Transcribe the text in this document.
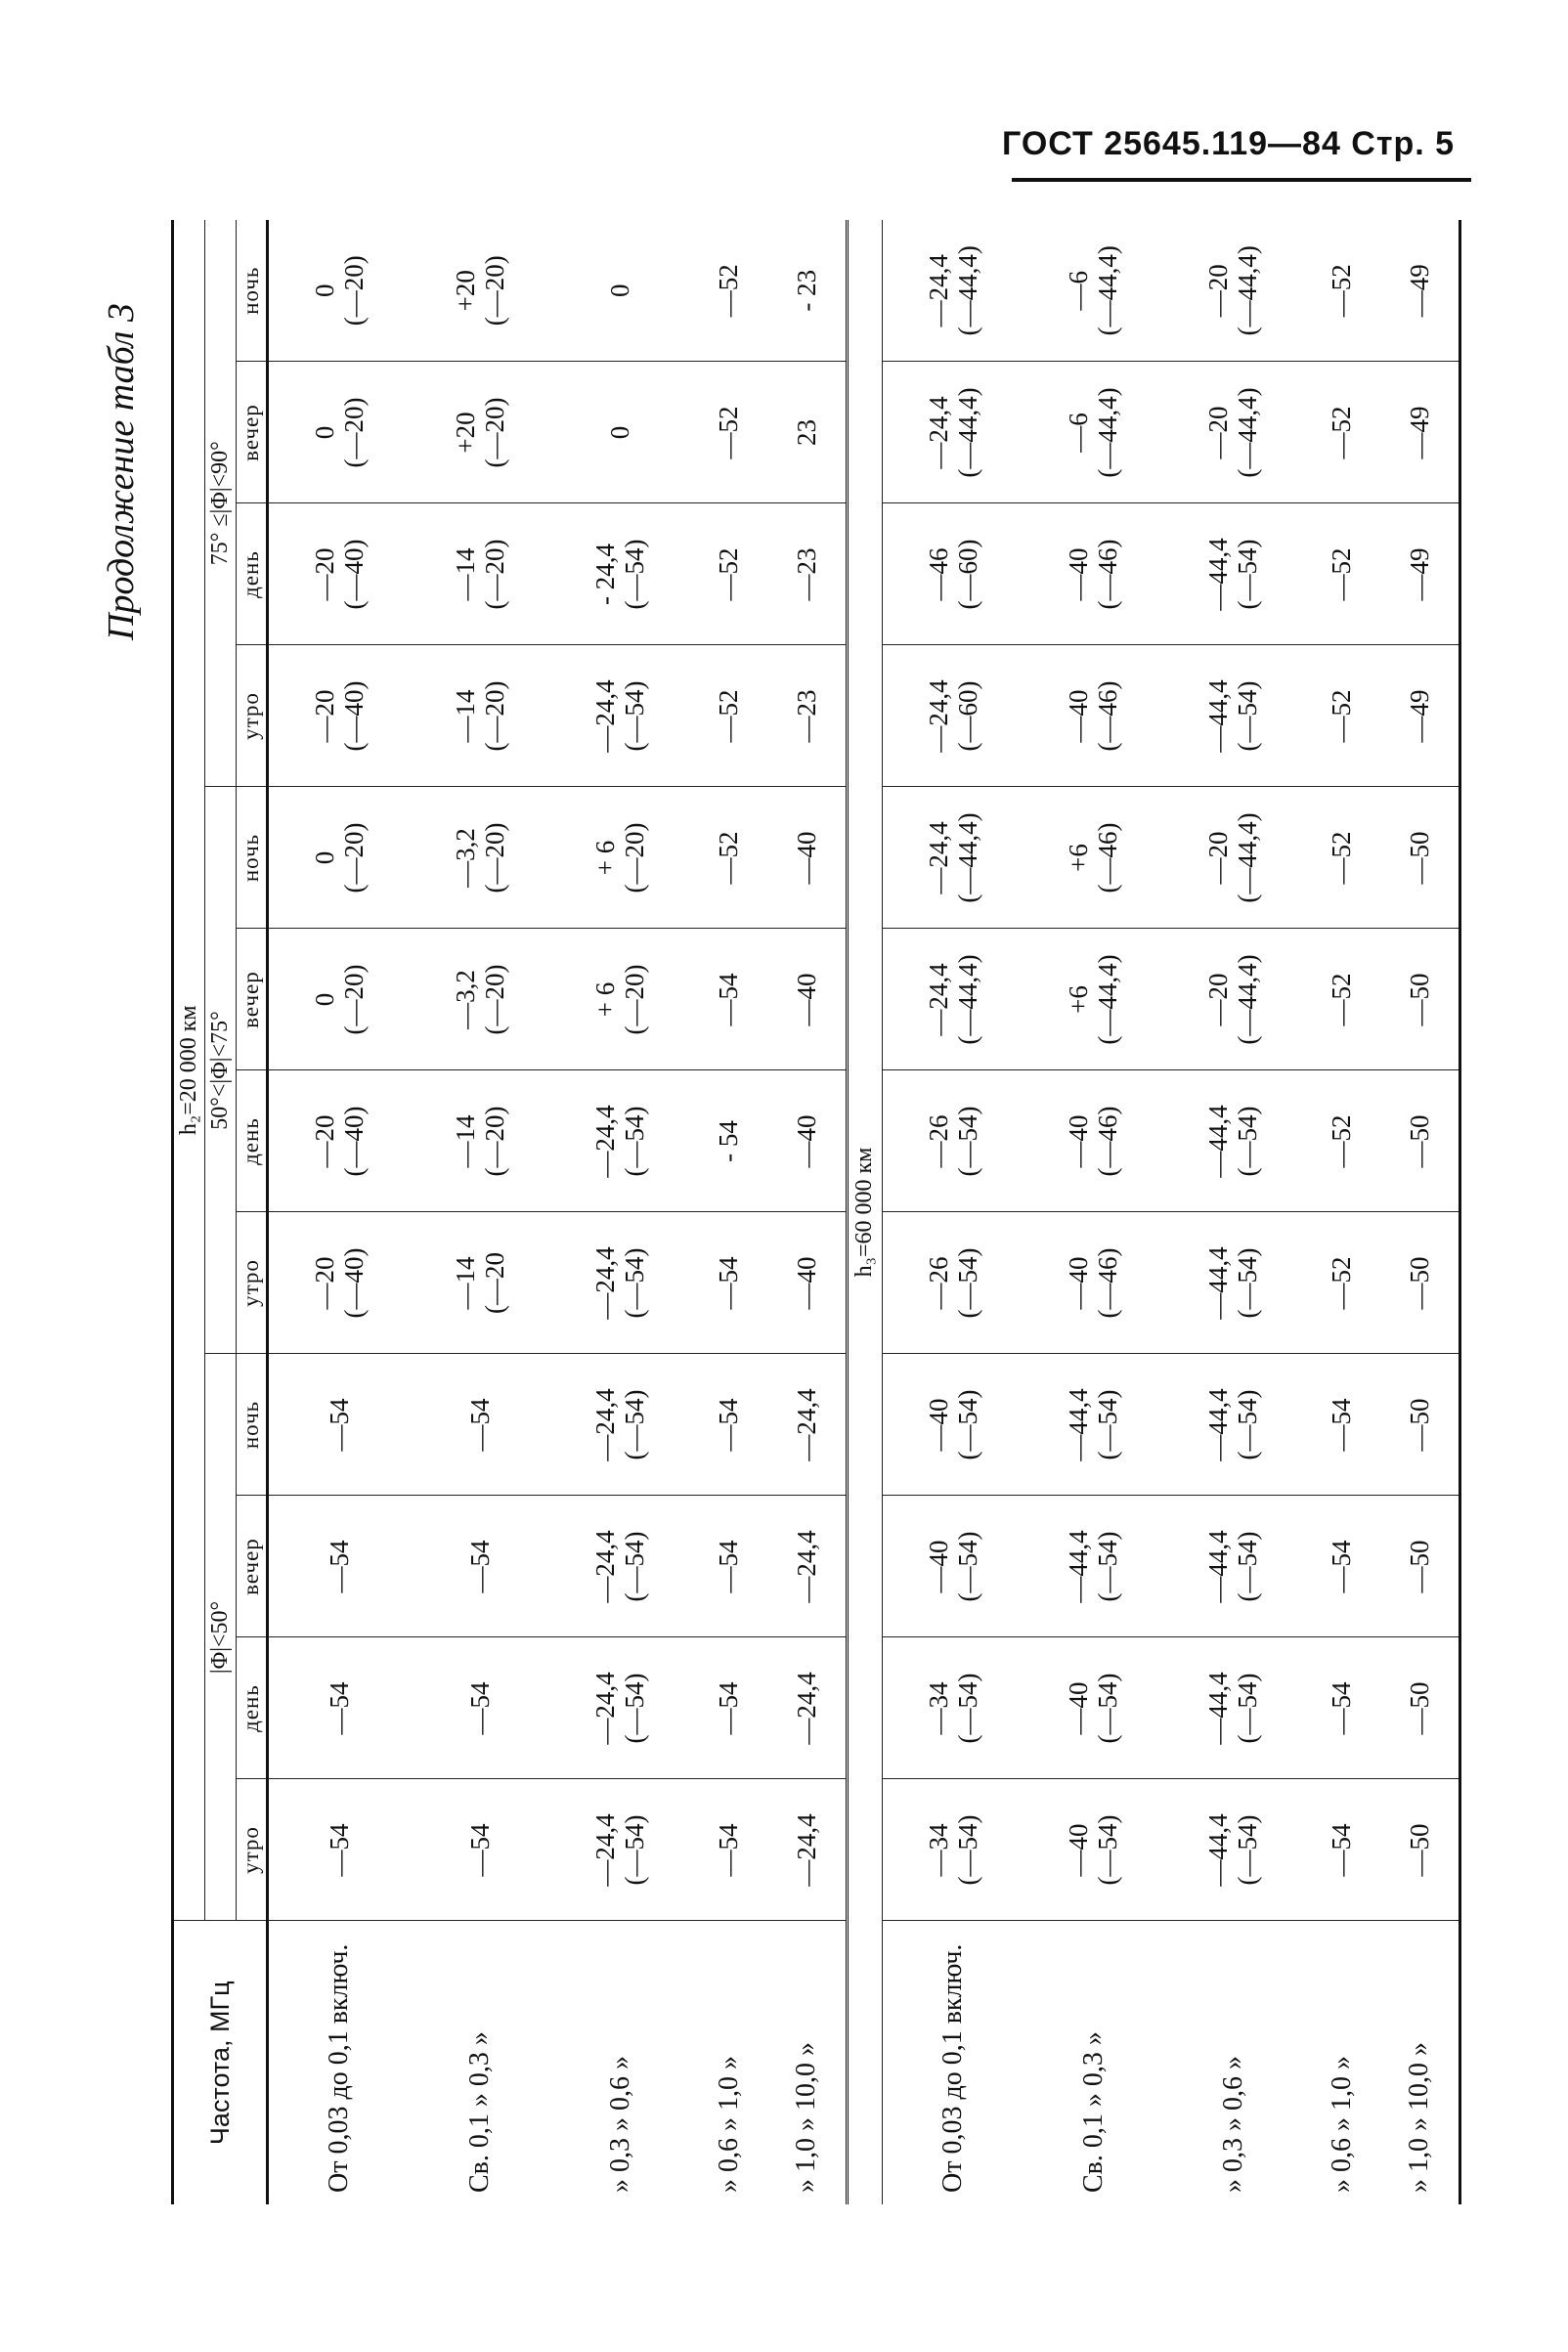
ГОСТ 25645.119—84 Стр. 5
Продолжение табл 3
Частота, МГц	h₂=20 000 км											
	|Φ|<50°				50°<|Φ|<75°				75° ≤|Φ|<90°			
	утро	день	вечер	ночь	утро	день	вечер	ночь	утро	день	вечер	ночь
От 0,03 до 0,1 включ.	—54	—54	—54	—54	—20 (—40)	—20 (—40)	0 (—20)	0 (—20)	—20 (—40)	—20 (—40)	0 (—20)	0 (—20)

Св. 0,1 » 0,3 »	—54	—54	—54	—54	—14 (—20	—14 (—20)	—3,2 (—20)	—3,2 (—20)	—14 (—20)	—14 (—20)	+20 (—20)	+20 (—20)

» 0,3 » 0,6 »	—24,4 (—54)	—24,4 (—54)	—24,4 (—54)	—24,4 (—54)	—24,4 (—54)	—24,4 (—54)	+ 6 (—20)	+ 6 (—20)	—24,4 (—54)	- 24,4 (—54)	0	0

» 0,6 » 1,0 »	—54	—54	—54	—54	—54	- 54	—54	—52	—52	—52	—52	—52

» 1,0 » 10,0 »	—24,4	—24,4	—24,4	—24,4	—40	—40	—40	—40	—23	—23	23	- 23

h₃=60 000 км												
От 0,03 до 0,1 включ.	—34 (—54)	—34 (—54)	—40 (—54)	—40 (—54)	—26 (—54)	—26 (—54)	—24,4 (—44,4)	—24,4 (—44,4)	—24,4 (—60)	—46 (—60)	—24,4 (—44,4)	—24,4 (—44,4)

Св. 0,1 » 0,3 »	—40 (—54)	—40 (—54)	—44,4 (—54)	—44,4 (—54)	—40 (—46)	—40 (—46)	+6 (—44,4)	+6 (—46)	—40 (—46)	—40 (—46)	—6 (—44,4)	—6 (—44,4)

» 0,3 » 0,6 »	—44,4 (—54)	—44,4 (—54)	—44,4 (—54)	—44,4 (—54)	—44,4 (—54)	—44,4 (—54)	—20 (—44,4)	—20 (—44,4)	—44,4 (—54)	—44,4 (—54)	—20 (—44,4)	—20 (—44,4)

» 0,6 » 1,0 »	—54	—54	—54	—54	—52	—52	—52	—52	—52	—52	—52	—52

» 1,0 » 10,0 »	—50	—50	—50	—50	—50	—50	—50	—50	—49	—49	—49	—49
